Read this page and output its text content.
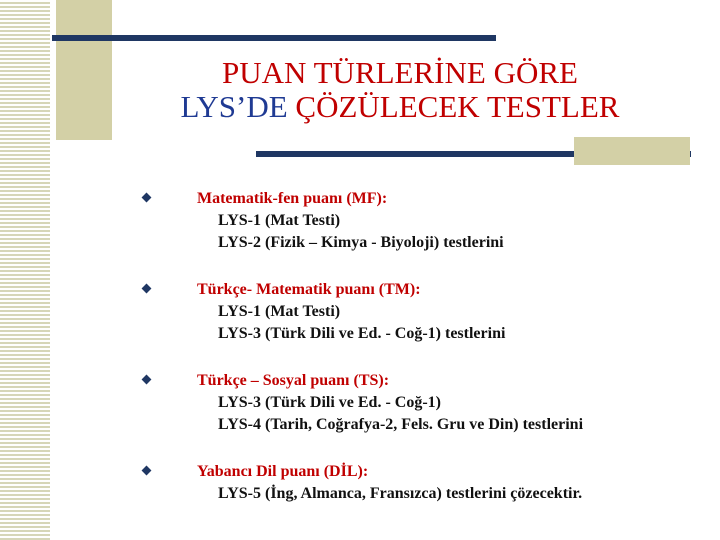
PUAN TÜRLERİNE GÖRE
LYS’DE ÇÖZÜLECEK TESTLER
Matematik-fen puanı (MF):
LYS-1 (Mat Testi)
LYS-2 (Fizik – Kimya - Biyoloji) testlerini
Türkçe- Matematik puanı (TM):
LYS-1 (Mat Testi)
LYS-3 (Türk Dili ve Ed. - Coğ-1) testlerini
Türkçe – Sosyal puanı (TS):
LYS-3 (Türk Dili ve Ed. - Coğ-1)
LYS-4 (Tarih, Coğrafya-2, Fels. Gru ve Din) testlerini
Yabancı Dil puanı (DİL):
LYS-5 (İng, Almanca, Fransızca) testlerini çözecektir.
